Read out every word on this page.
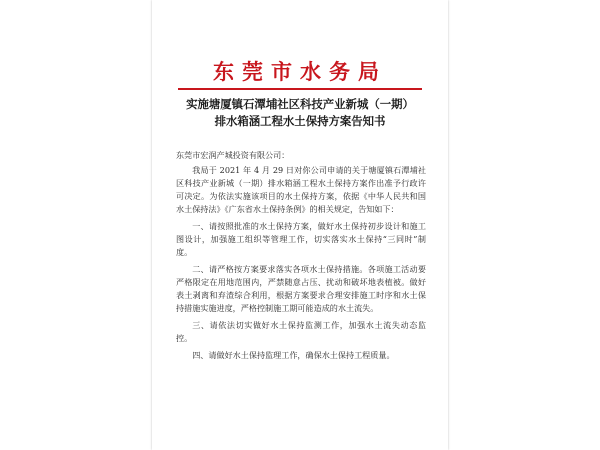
东莞市水务局
实施塘厦镇石潭埔社区科技产业新城（一期）
排水箱涵工程水土保持方案告知书

东莞市宏润产城投资有限公司：

我局于 2021 年 4 月 29 日对你公司申请的关于塘厦镇石潭埔社区科技产业新城（一期）排水箱涵工程水土保持方案作出准予行政许可决定。为依法实施该项目的水土保持方案，依据《中华人民共和国水土保持法》《广东省水土保持条例》的相关规定，告知如下：

一、请按照批准的水土保持方案，做好水土保持初步设计和施工图设计，加强施工组织等管理工作，切实落实水土保持“三同时”制度。

二、请严格按方案要求落实各项水土保持措施。各项施工活动要严格限定在用地范围内，严禁随意占压、扰动和破坏地表植被。做好表土剥离和弃渣综合利用，根据方案要求合理安排施工时序和水土保持措施实施进度，严格控制施工期可能造成的水土流失。

三、请依法切实做好水土保持监测工作，加强水土流失动态监控。

四、请做好水土保持监理工作，确保水土保持工程质量。
